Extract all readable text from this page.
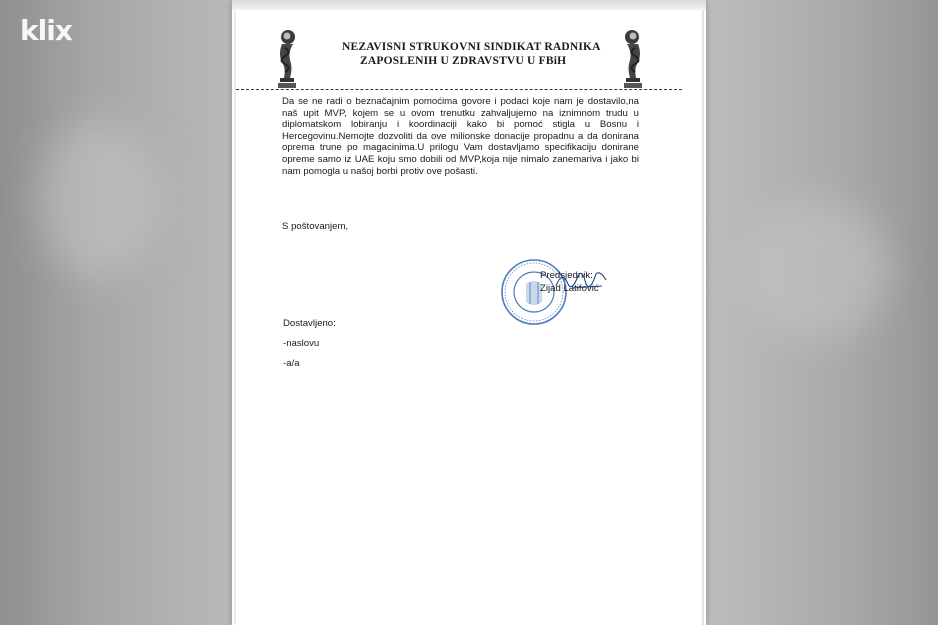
klix	NEZAVISNI STRUKOVNI SINDIKAT RADNIKA
ZAPOSLENIH U ZDRAVSTVU U FBiH
Da se ne radi o beznačajnim pomoćima govore i podaci koje nam je dostavilo,na naš upit MVP, kojem se u ovom trenutku zahvaljujemo na iznimnom trudu u diplomatskom lobiranju i koordinaciji kako bi pomoć stigla u Bosnu i Hercegovinu.Nemojte dozvoliti da ove milionske donacije propadnu a da donirana oprema trune po magacinima.U prilogu Vam dostavljamo specifikaciju donirane opreme samo iz UAE koju smo dobili od MVP,koja nije nimalo zanemariva i jako bi nam pomogla u našoj borbi protiv ove pošasti.
S poštovanjem,
Predsjednik:
Zijad Latifović
Dostavljeno:
-naslovu
-a/a
